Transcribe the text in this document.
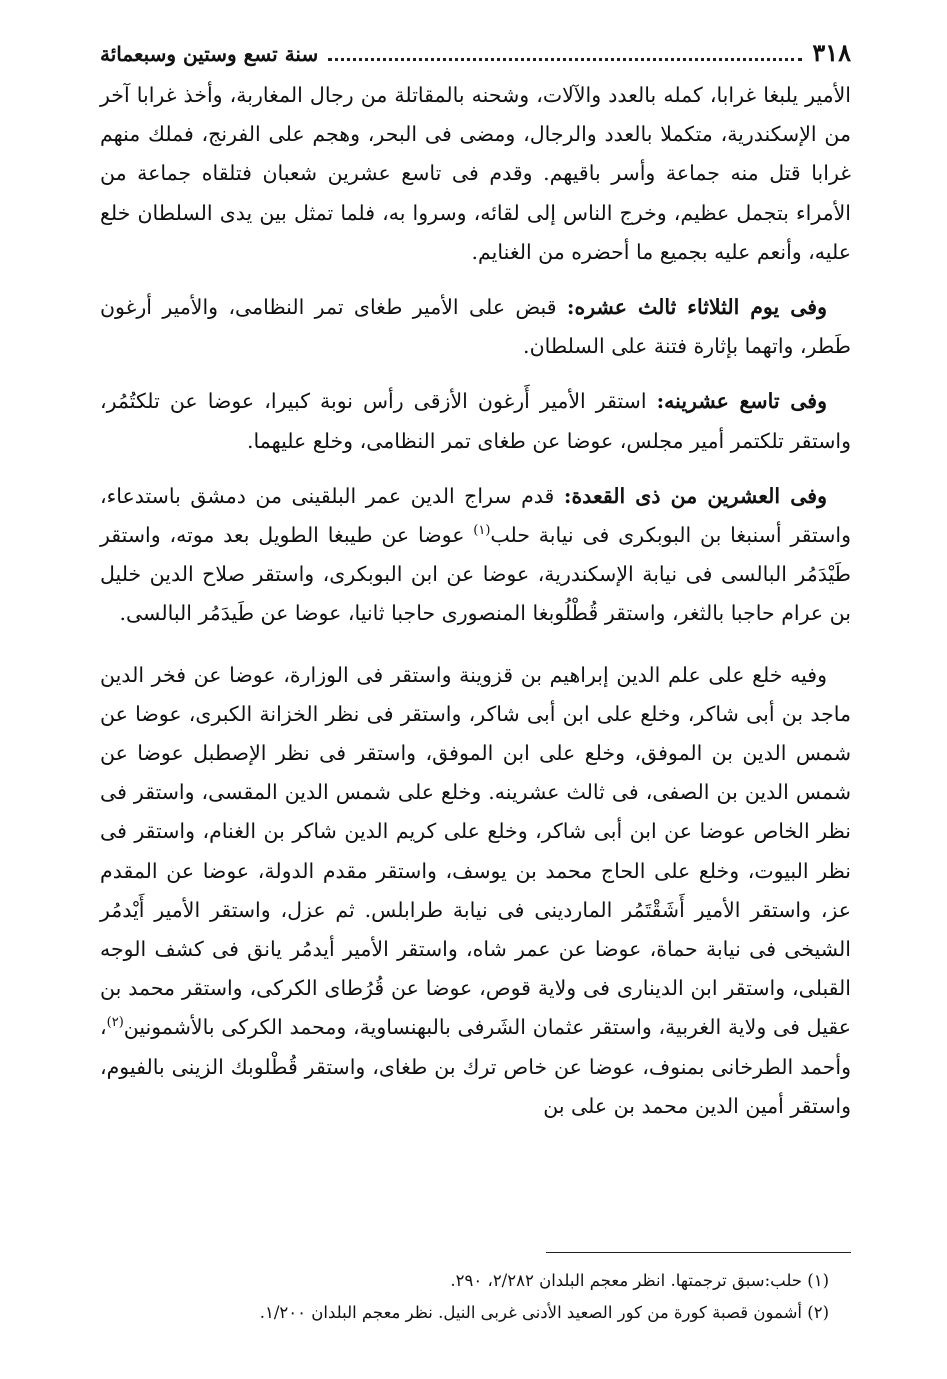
٣١٨
سنة تسع وستين وسبعمائة

الأمير يلبغا غرابا، كمله بالعدد والآلات، وشحنه بالمقاتلة من رجال المغاربة، وأخذ غرابا آخر من الإسكندرية، متكملا بالعدد والرجال، ومضى فى البحر، وهجم على الفرنج، فملك منهم غرابا قتل منه جماعة وأسر باقيهم. وقدم فى تاسع عشرين شعبان فتلقاه جماعة من الأمراء بتجمل عظيم، وخرج الناس إلى لقائه، وسروا به، فلما تمثل بين يدى السلطان خلع عليه، وأنعم عليه بجميع ما أحضره من الغنايم.

وفى يوم الثلاثاء ثالث عشره: قبض على الأمير طغاى تمر النظامى، والأمير أرغون طَطر، واتهما بإثارة فتنة على السلطان.

وفى تاسع عشرينه: استقر الأمير أَرغون الأزقى رأس نوبة كبيرا، عوضا عن تلكتُمُر، واستقر تلكتمر أمير مجلس، عوضا عن طغاى تمر النظامى، وخلع عليهما.

وفى العشرين من ذى القعدة: قدم سراج الدين عمر البلقينى من دمشق باستدعاء، واستقر أسنبغا بن البوبكرى فى نيابة حلب$^{(١)}$ عوضا عن طيبغا الطويل بعد موته، واستقر طَيْدَمُر البالسى فى نيابة الإسكندرية، عوضا عن ابن البوبكرى، واستقر صلاح الدين خليل بن عرام حاجبا بالثغر، واستقر قُطْلُوبغا المنصورى حاجبا ثانيا، عوضا عن طَيدَمُر البالسى.

وفيه خلع على علم الدين إبراهيم بن قزوينة واستقر فى الوزارة، عوضا عن فخر الدين ماجد بن أبى شاكر، وخلع على ابن أبى شاكر، واستقر فى نظر الخزانة الكبرى، عوضا عن شمس الدين بن الموفق، وخلع على ابن الموفق، واستقر فى نظر الإصطبل عوضا عن شمس الدين بن الصفى، فى ثالث عشرينه. وخلع على شمس الدين المقسى، واستقر فى نظر الخاص عوضا عن ابن أبى شاكر، وخلع على كريم الدين شاكر بن الغنام، واستقر فى نظر البيوت، وخلع على الحاج محمد بن يوسف، واستقر مقدم الدولة، عوضا عن المقدم عز، واستقر الأمير أَشَقْتَمُر الماردينى فى نيابة طرابلس. ثم عزل، واستقر الأمير أَيْدمُر الشيخى فى نيابة حماة، عوضا عن عمر شاه، واستقر الأمير أيدمُر يانق فى كشف الوجه القبلى، واستقر ابن الدينارى فى ولاية قوص، عوضا عن قُرُطاى الكركى، واستقر محمد بن عقيل فى ولاية الغربية، واستقر عثمان الشَرفى بالبهنساوية، ومحمد الكركى بالأشمونين$^{(٢)}$، وأحمد الطرخانى بمنوف، عوضا عن خاص ترك بن طغاى، واستقر قُطْلوبك الزينى بالفيوم، واستقر أمين الدين محمد بن على بن

(١) حلب:سبق ترجمتها. انظر معجم البلدان ٢/٢٨٢، ٢٩٠.

(٢) أشمون قصبة كورة من كور الصعيد الأدنى غربى النيل. نظر معجم البلدان ١/٢٠٠.
